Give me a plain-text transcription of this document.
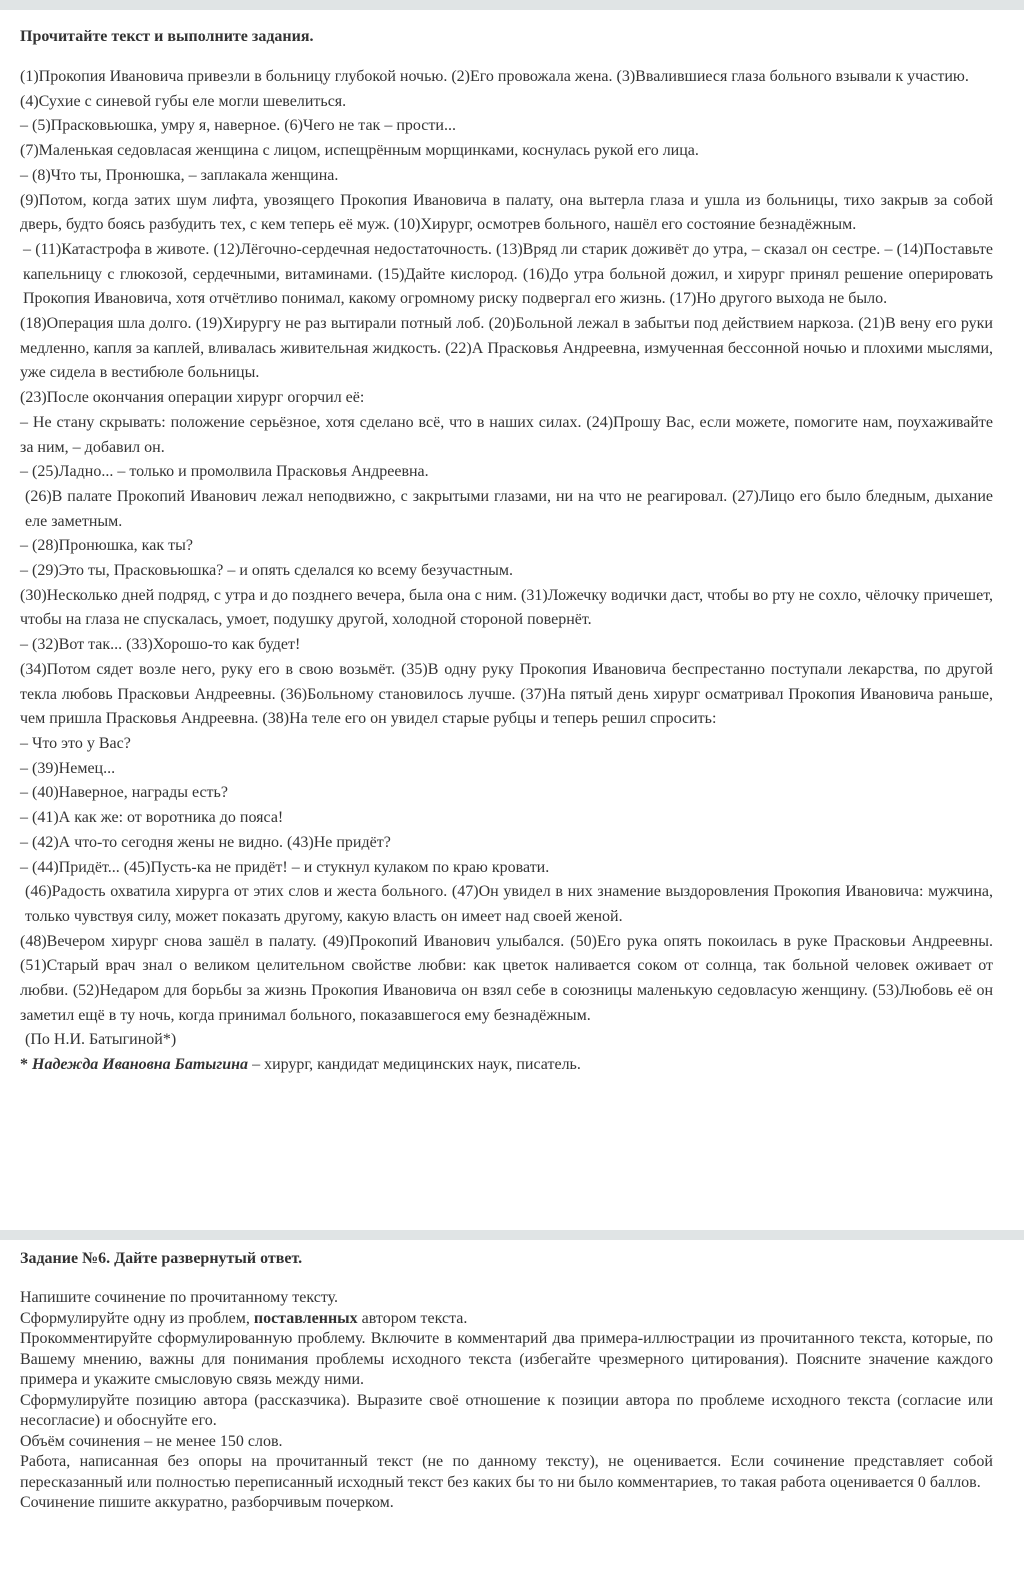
Прочитайте текст и выполните задания.

(1)Прокопия Ивановича привезли в больницу глубокой ночью. (2)Его провожала жена. (3)Ввалившиеся глаза больного взывали к участию.

(4)Сухие с синевой губы еле могли шевелиться.

– (5)Прасковьюшка, умру я, наверное. (6)Чего не так – прости...

(7)Маленькая седовласая женщина с лицом, испещрённым морщинками, коснулась рукой его лица.

– (8)Что ты, Пронюшка, – заплакала женщина.

(9)Потом, когда затих шум лифта, увозящего Прокопия Ивановича в палату, она вытерла глаза и ушла из больницы, тихо закрыв за собой дверь, будто боясь разбудить тех, с кем теперь её муж. (10)Хирург, осмотрев больного, нашёл его состояние безнадёжным.

– (11)Катастрофа в животе. (12)Лёгочно-сердечная недостаточность. (13)Вряд ли старик доживёт до утра, – сказал он сестре. – (14)Поставьте капельницу с глюкозой, сердечными, витаминами. (15)Дайте кислород. (16)До утра больной дожил, и хирург принял решение оперировать Прокопия Ивановича, хотя отчётливо понимал, какому огромному риску подвергал его жизнь. (17)Но другого выхода не было.

(18)Операция шла долго. (19)Хирургу не раз вытирали потный лоб. (20)Больной лежал в забытьи под действием наркоза. (21)В вену его руки медленно, капля за каплей, вливалась живительная жидкость. (22)А Прасковья Андреевна, измученная бессонной ночью и плохими мыслями, уже сидела в вестибюле больницы.

(23)После окончания операции хирург огорчил её:

– Не стану скрывать: положение серьёзное, хотя сделано всё, что в наших силах. (24)Прошу Вас, если можете, помогите нам, поухаживайте за ним, – добавил он.

– (25)Ладно... – только и промолвила Прасковья Андреевна.

(26)В палате Прокопий Иванович лежал неподвижно, с закрытыми глазами, ни на что не реагировал. (27)Лицо его было бледным, дыхание еле заметным.

– (28)Пронюшка, как ты?

– (29)Это ты, Прасковьюшка? – и опять сделался ко всему безучастным.

(30)Несколько дней подряд, с утра и до позднего вечера, была она с ним. (31)Ложечку водички даст, чтобы во рту не сохло, чёлочку причешет, чтобы на глаза не спускалась, умоет, подушку другой, холодной стороной повернёт.

– (32)Вот так... (33)Хорошо-то как будет!

(34)Потом сядет возле него, руку его в свою возьмёт. (35)В одну руку Прокопия Ивановича беспрестанно поступали лекарства, по другой текла любовь Прасковьи Андреевны. (36)Больному становилось лучше. (37)На пятый день хирург осматривал Прокопия Ивановича раньше, чем пришла Прасковья Андреевна. (38)На теле его он увидел старые рубцы и теперь решил спросить:

– Что это у Вас?

– (39)Немец...

– (40)Наверное, награды есть?

– (41)А как же: от воротника до пояса!

– (42)А что-то сегодня жены не видно. (43)Не придёт?

– (44)Придёт... (45)Пусть-ка не придёт! – и стукнул кулаком по краю кровати.

(46)Радость охватила хирурга от этих слов и жеста больного. (47)Он увидел в них знамение выздоровления Прокопия Ивановича: мужчина, только чувствуя силу, может показать другому, какую власть он имеет над своей женой.

(48)Вечером хирург снова зашёл в палату. (49)Прокопий Иванович улыбался. (50)Его рука опять покоилась в руке Прасковьи Андреевны. (51)Старый врач знал о великом целительном свойстве любви: как цветок наливается соком от солнца, так больной человек оживает от любви. (52)Недаром для борьбы за жизнь Прокопия Ивановича он взял себе в союзницы маленькую седовласую женщину. (53)Любовь её он заметил ещё в ту ночь, когда принимал больного, показавшегося ему безнадёжным.

(По Н.И. Батыгиной*)

* Надежда Ивановна Батыгина – хирург, кандидат медицинских наук, писатель.

Задание №6. Дайте развернутый ответ.

Напишите сочинение по прочитанному тексту.

Сформулируйте одну из проблем, поставленных автором текста.

Прокомментируйте сформулированную проблему. Включите в комментарий два примера-иллюстрации из прочитанного текста, которые, по Вашему мнению, важны для понимания проблемы исходного текста (избегайте чрезмерного цитирования). Поясните значение каждого примера и укажите смысловую связь между ними.

Сформулируйте позицию автора (рассказчика). Выразите своё отношение к позиции автора по проблеме исходного текста (согласие или несогласие) и обоснуйте его.

Объём сочинения – не менее 150 слов.

Работа, написанная без опоры на прочитанный текст (не по данному тексту), не оценивается. Если сочинение представляет собой пересказанный или полностью переписанный исходный текст без каких бы то ни было комментариев, то такая работа оценивается 0 баллов.

Сочинение пишите аккуратно, разборчивым почерком.
